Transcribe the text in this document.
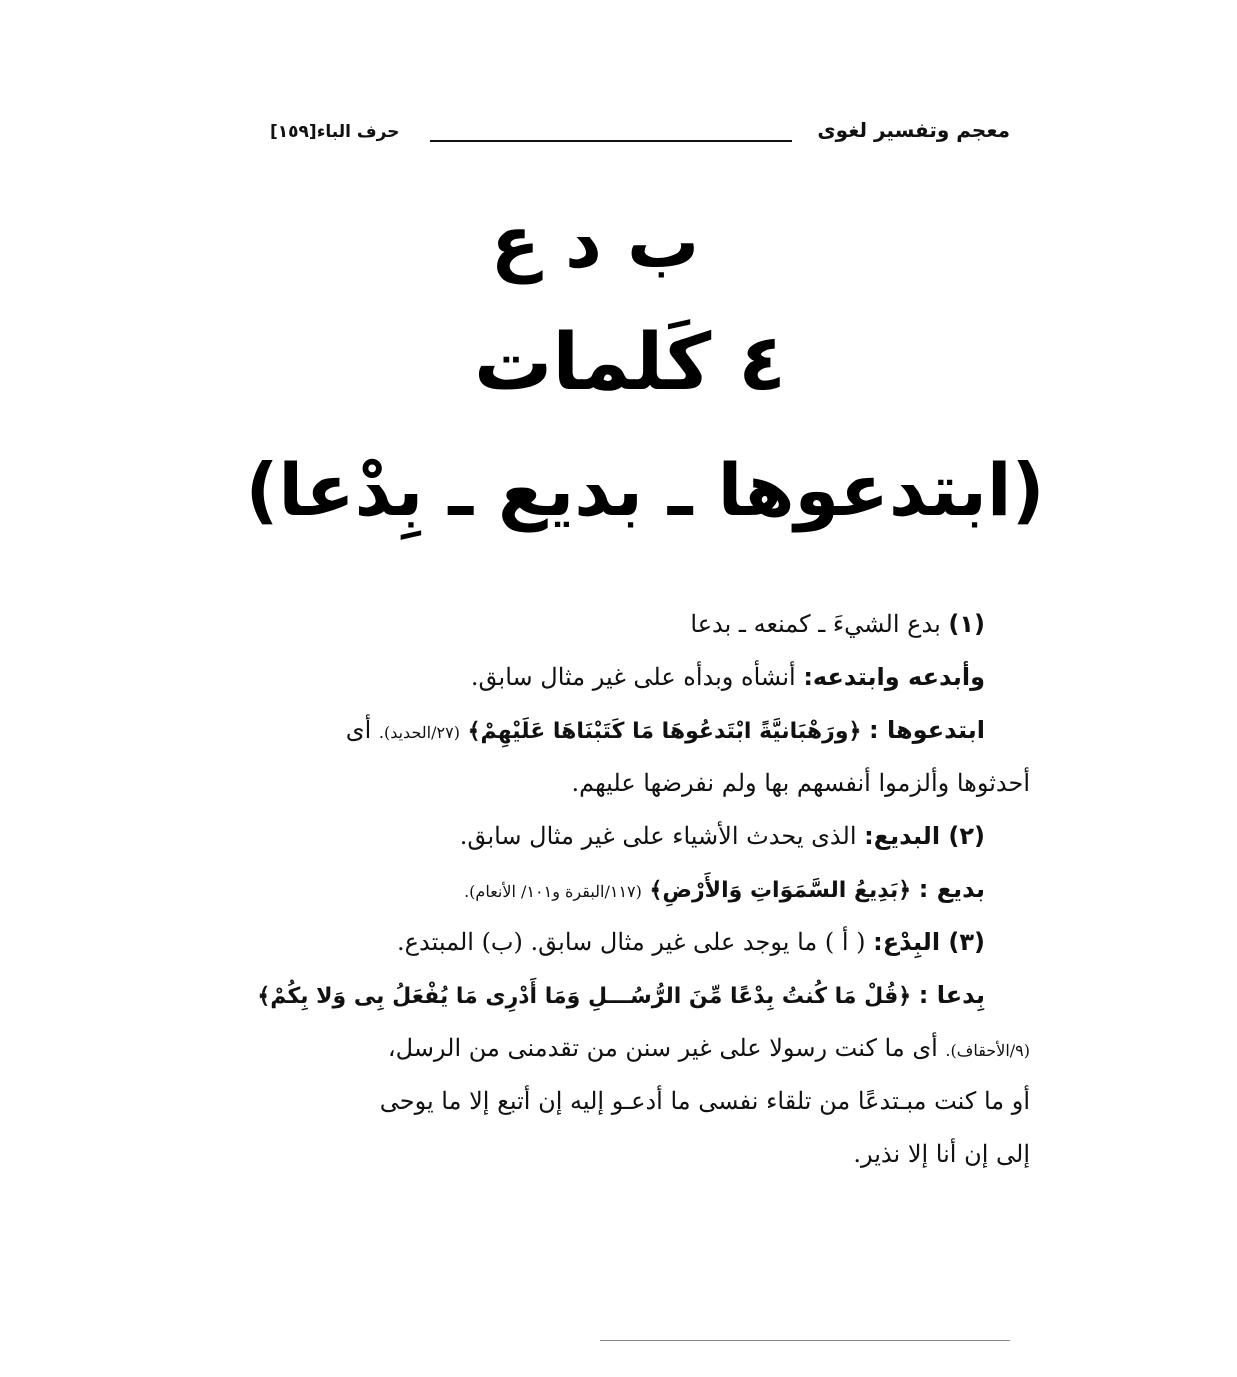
معجم وتفسير لغوى
حرف الباء[١٥٩]
ب د ع
٤ كَلمات
(ابتدعوها ـ بديع ـ بِدْعا)
(١) بدع الشيءَ ـ كمنعه ـ بدعا
وأبدعه وابتدعه: أنشأه وبدأه على غير مثال سابق.
ابتدعوها : ﴿ورَهْبَانيَّةً ابْتَدعُوهَا مَا كَتَبْنَاهَا عَلَيْهِمْ﴾ (٢٧/الحديد). أى
أحدثوها وألزموا أنفسهم بها ولم نفرضها عليهم.
(٢) البديع: الذى يحدث الأشياء على غير مثال سابق.
بديع : ﴿بَدِيعُ السَّمَوَاتِ وَالأَرْضِ﴾ (١١٧/البقرة و١٠١/ الأنعام).
(٣) البِدْع: ( أ ) ما يوجد على غير مثال سابق. (ب) المبتدع.
بِدعا : ﴿قُلْ مَا كُنتُ بِدْعًا مِّنَ الرُّسُـــلِ وَمَا أَدْرِى مَا يُفْعَلُ بِى وَلا بِكُمْ﴾
(٩/الأحقاف). أى ما كنت رسولا على غير سنن من تقدمنى من الرسل،
أو ما كنت مبـتدعًا من تلقاء نفسى ما أدعـو إليه إن أتبع إلا ما يوحى
إلى إن أنا إلا نذير.
